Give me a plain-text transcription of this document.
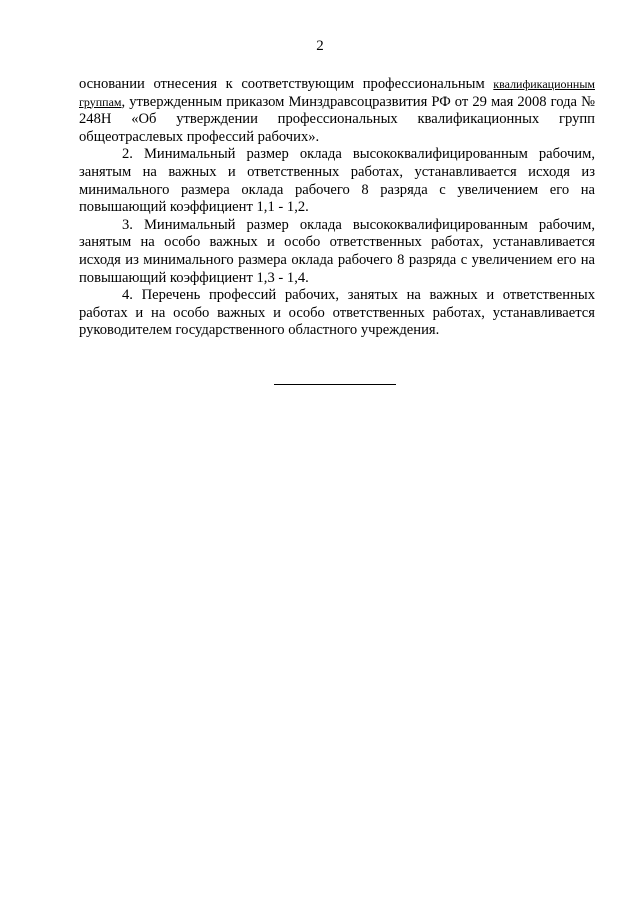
2

основании отнесения к соответствующим профессиональным квалификационным группам, утвержденным приказом Минздравсоцразвития РФ от 29 мая 2008 года № 248Н «Об утверждении профессиональных квалификационных групп общеотраслевых профессий рабочих».

2. Минимальный размер оклада высококвалифицированным рабочим, занятым на важных и ответственных работах, устанавливается исходя из минимального размера оклада рабочего 8 разряда с увеличением его на повышающий коэффициент 1,1 - 1,2.

3. Минимальный размер оклада высококвалифицированным рабочим, занятым на особо важных и особо ответственных работах, устанавливается исходя из минимального размера оклада рабочего 8 разряда с увеличением его на повышающий коэффициент 1,3 - 1,4.

4. Перечень профессий рабочих, занятых на важных и ответственных работах и на особо важных и особо ответственных работах, устанавливается руководителем государственного областного учреждения.
